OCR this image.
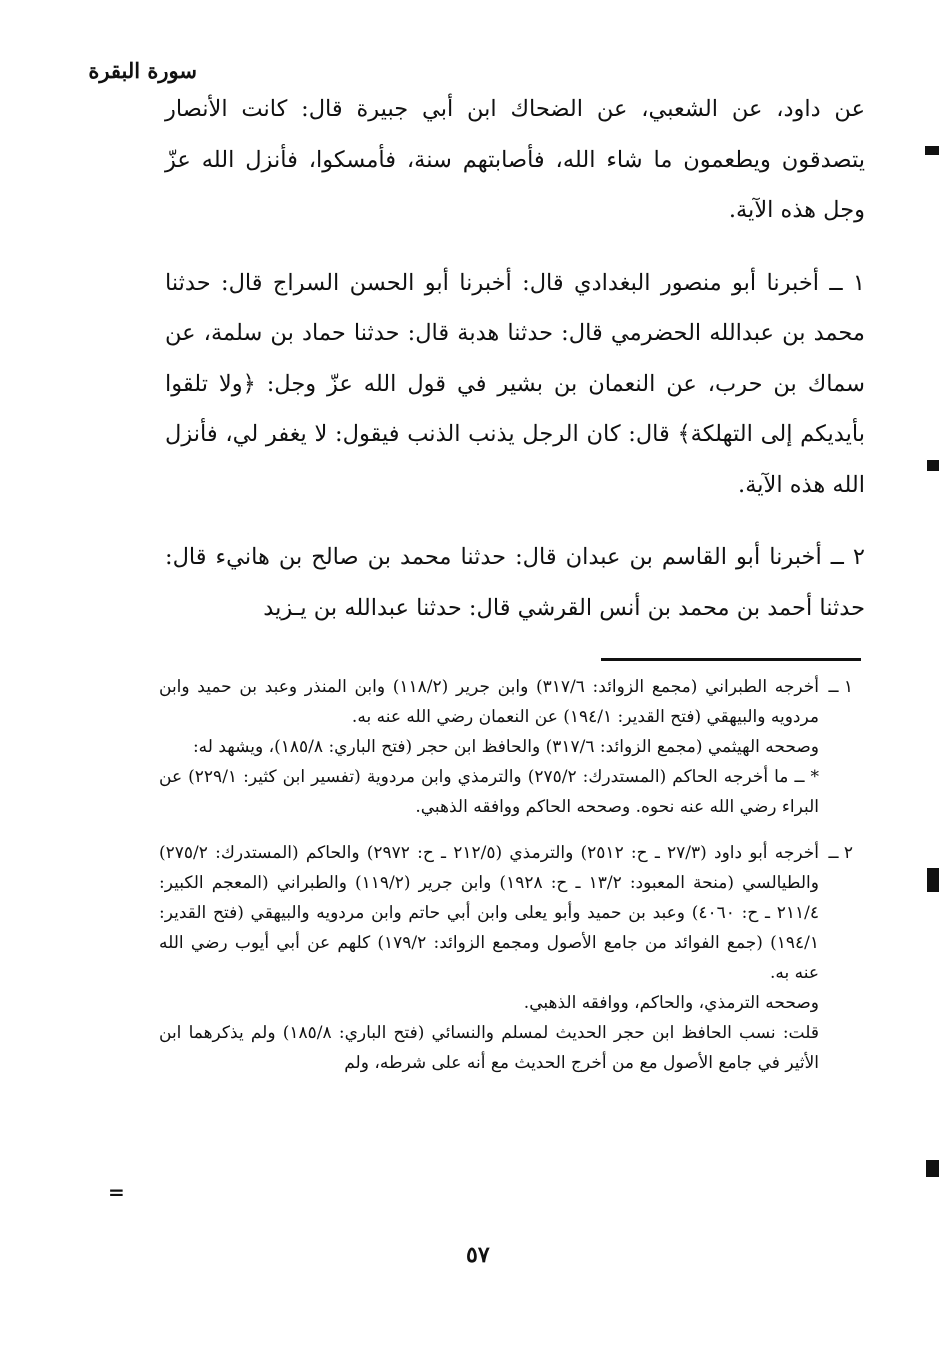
سورة البقرة

عن داود، عن الشعبي، عن الضحاك ابن أبي جبيرة قال: كانت الأنصار يتصدقون ويطعمون ما شاء الله، فأصابتهم سنة، فأمسكوا، فأنزل الله عزّ وجل هذه الآية.

١ ــ أخبرنا أبو منصور البغدادي قال: أخبرنا أبو الحسن السراج قال: حدثنا محمد بن عبدالله الحضرمي قال: حدثنا هدبة قال: حدثنا حماد بن سلمة، عن سماك بن حرب، عن النعمان بن بشير في قول الله عزّ وجل: ﴿ولا تلقوا بأيديكم إلى التهلكة﴾ قال: كان الرجل يذنب الذنب فيقول: لا يغفر لي، فأنزل الله هذه الآية.

٢ ــ أخبرنا أبو القاسم بن عبدان قال: حدثنا محمد بن صالح بن هانيء قال: حدثنا أحمد بن محمد بن أنس القرشي قال: حدثنا عبدالله بن يـزيد

١ ــ

أخرجه الطبراني (مجمع الزوائد: ٣١٧/٦) وابن جرير (١١٨/٢) وابن المنذر وعبد بن حميد وابن مردويه والبيهقي (فتح القدير: ١٩٤/١) عن النعمان رضي الله عنه به.

وصححه الهيثمي (مجمع الزوائد: ٣١٧/٦) والحافظ ابن حجر (فتح الباري: ١٨٥/٨)، ويشهد له:

* ــ ما أخرجه الحاكم (المستدرك: ٢٧٥/٢) والترمذي وابن مردوية (تفسير ابن كثير: ٢٢٩/١) عن البراء رضي الله عنه نحوه. وصححه الحاكم ووافقه الذهبي.

٢ ــ

أخرجه أبو داود (٢٧/٣ ـ ح: ٢٥١٢) والترمذي (٢١٢/٥ ـ ح: ٢٩٧٢) والحاكم (المستدرك: ٢٧٥/٢) والطيالسي (منحة المعبود: ١٣/٢ ـ ح: ١٩٢٨) وابن جرير (١١٩/٢) والطبراني (المعجم الكبير: ٢١١/٤ ـ ح: ٤٠٦٠) وعبد بن حميد وأبو يعلى وابن أبي حاتم وابن مردويه والبيهقي (فتح القدير: ١٩٤/١) (جمع الفوائد من جامع الأصول ومجمع الزوائد: ١٧٩/٢) كلهم عن أبي أيوب رضي الله عنه به.

وصححه الترمذي، والحاكم، ووافقه الذهبي.

قلت: نسب الحافظ ابن حجر الحديث لمسلم والنسائي (فتح الباري: ١٨٥/٨) ولم يذكرهما ابن الأثير في جامع الأصول مع من أخرج الحديث مع أنه على شرطه، ولم

=
٥٧
